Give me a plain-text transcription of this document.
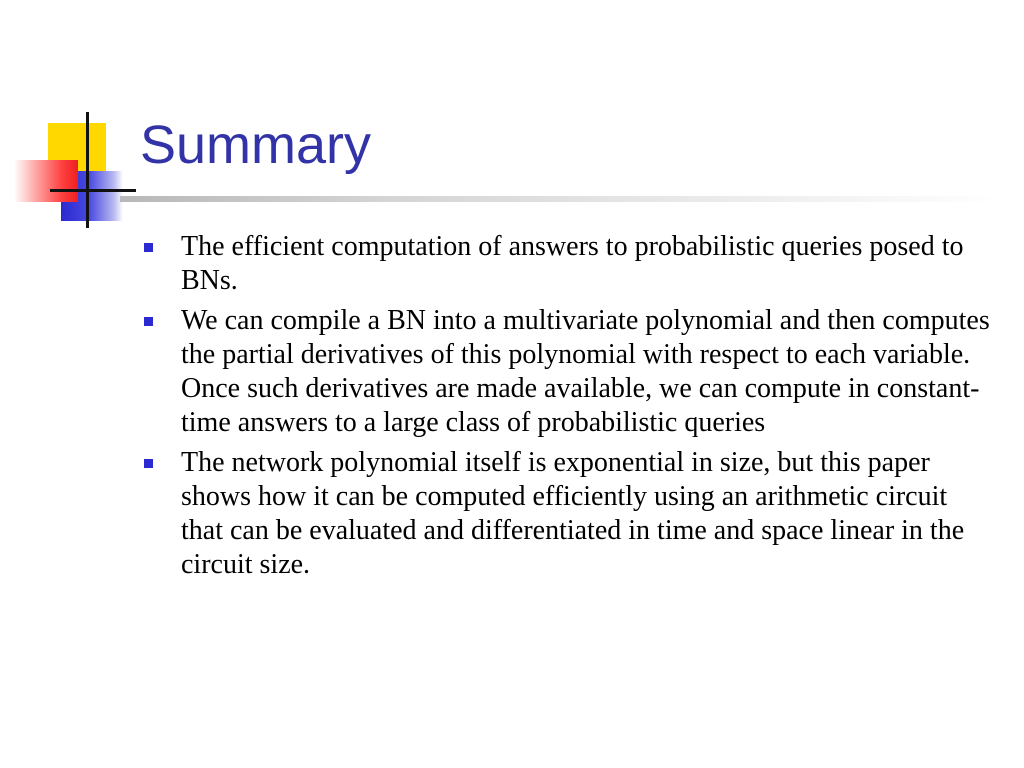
Summary
The efficient computation of answers to probabilistic queries posed to BNs.
We can compile a BN into a multivariate polynomial and then computes the partial derivatives of this polynomial with respect to each variable. Once such derivatives are made available, we can compute in constant-time answers to a large class of probabilistic queries
The network polynomial itself is exponential in size, but this paper shows how it can be computed efficiently using an arithmetic circuit that can be evaluated and differentiated in time and space linear in the circuit size.
